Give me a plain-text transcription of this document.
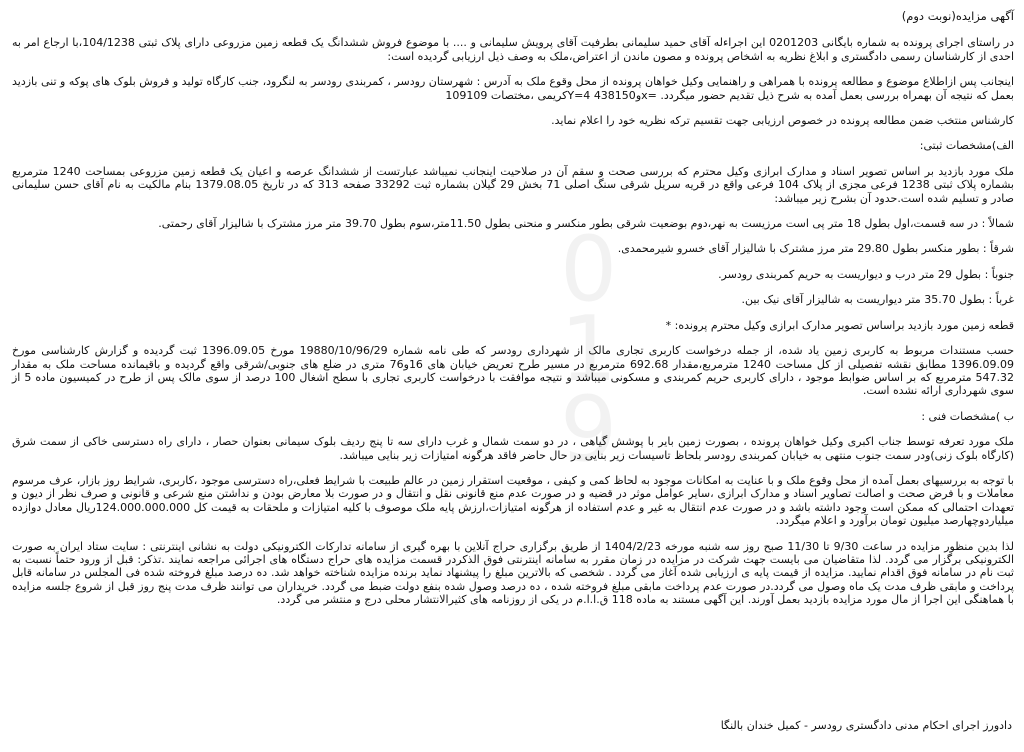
0
1
9

آگهی مزایده(نوبت دوم)

در راستای اجرای پرونده به شماره بایگانی 0201203 این اجراءله آقای حمید سلیمانی بطرفیت آقای پرویش سلیمانی و .... با موضوع فروش ششدانگ یک قطعه زمین مزروعی دارای پلاک ثبتی 104/1238،با ارجاع امر به احدی از کارشناسان رسمی دادگستری و ابلاغ نظریه به اشخاص پرونده و مصون ماندن از اعتراض،ملک به وصف ذیل ارزیابی گردیده است:

اینجانب پس ازاطلاع موضوع و مطالعه پرونده با همراهی و راهنمایی وکیل خواهان پرونده از محل وقوع ملک به آدرس : شهرستان رودسر ، کمربندی رودسر به لنگرود، جنب کارگاه تولید و فروش بلوک های پوکه و تنی بازدید بعمل که نتیجه آن بهمراه بررسی بعمل آمده به شرح ذیل تقدیم حضور میگردد. =x‌و438150 Y=4کریمی ،مختصات 109109

کارشناس منتخب ضمن مطالعه پرونده در خصوص ارزیابی جهت تقسیم ترکه نظریه خود را اعلام نماید.

الف)مشخصات ثبتی:

ملک مورد بازدید بر اساس تصویر اسناد و مدارک ابرازی وکیل محترم که بررسی صحت و سقم آن در صلاحیت اینجانب نمیباشد عبارتست از ششدانگ عرصه و اعیان یک قطعه زمین مزروعی بمساحت 1240 مترمربع بشماره پلاک ثبتی 1238 فرعی مجزی از پلاک 104 فرعی واقع در قریه سریل شرقی سنگ اصلی 71 بخش 29 گیلان بشماره ثبت 33292 صفحه 313 که در تاریخ 1379.08.05 بنام مالکیت به نام آقای حسن سلیمانی صادر و تسلیم شده است.حدود آن بشرح زیر میباشد:

شمالاً : در سه قسمت،اول بطول 18 متر پی است مرزیست به نهر،دوم بوضعیت شرقی بطور منکسر و منحنی بطول 11.50متر،سوم بطول 39.70 متر مرز مشترک با شالیزار آقای رحمتی.

شرقاً : بطور منکسر بطول 29.80 متر مرز مشترک با شالیزار آقای خسرو شیرمحمدی.

جنوباً : بطول 29 متر درب و دیواریست به حریم کمربندی رودسر.

غرباً : بطول 35.70 متر دیواریست به شالیزار آقای نیک بین.

قطعه زمین مورد بازدید براساس تصویر مدارک ابرازی وکیل محترم پرونده: *

حسب مستندات مربوط به کاربری زمین یاد شده، از جمله درخواست کاربری تجاری مالک از شهرداری رودسر که طی نامه شماره 19880/10/96/29 مورخ 1396.09.05 ثبت گردیده و گزارش کارشناسی مورخ 1396.09.09 مطابق نقشه تفصیلی از کل مساحت 1240 مترمربع،مقدار 692.68 مترمربع در مسیر طرح تعریض خیابان های 16و76 متری در ضلع های جنوبی/شرقی واقع گردیده و باقیمانده مساحت ملک به مقدار 547.32 مترمربع که بر اساس ضوابط موجود ، دارای کاربری حریم کمربندی و مسکونی میباشد و نتیجه موافقت با درخواست کاربری تجاری با سطح اشغال 100 درصد از سوی مالک پس از طرح در کمیسیون ماده 5 از سوی شهرداری ارائه نشده است.

ب )مشخصات فنی :

ملک مورد تعرفه توسط جناب اکبری وکیل خواهان پرونده ، بصورت زمین بایر با پوشش گیاهی ، در دو سمت شمال و غرب دارای سه تا پنج ردیف بلوک سیمانی بعنوان حصار ، دارای راه دسترسی خاکی از سمت شرق (کارگاه بلوک زنی)ودر سمت جنوب منتهی به خیابان کمربندی رودسر بلحاظ تاسیسات زیر بنایی در حال حاضر فاقد هرگونه امتیازات زیر بنایی میباشد.

با توجه به بررسیهای بعمل آمده از محل وقوع ملک و با عنایت به امکانات موجود به لحاظ کمی و کیفی ، موقعیت استقرار زمین در عالم طبیعت با شرایط فعلی،راه دسترسی موجود ،کاربری، شرایط روز بازار، عرف مرسوم معاملات و با فرض صحت و اصالت تصاویر اسناد و مدارک ابرازی ،سایر عوامل موثر در قضیه و در صورت عدم منع قانونی نقل و انتقال و در صورت بلا معارض بودن و نداشتن منع شرعی و قانونی و صرف نظر از دیون و تعهدات احتمالی که ممکن است وجود داشته باشد و در صورت عدم انتقال به غیر و عدم استفاده از هرگونه امتیازات،ارزش پایه ملک موصوف با کلیه امتیازات و ملحقات به قیمت کل 124.000.000.000ریال معادل دوازده میلیاردوچهارصد میلیون تومان برآورد و اعلام میگردد.

لذا بدین منظور مزایده در ساعت 9/30 تا 11/30 صبح روز سه شنبه مورخه 1404/2/23 از طریق برگزاری حراج آنلاین با بهره گیری از سامانه تدارکات الکترونیکی دولت به نشانی اینترنتی : سایت ستاد ایران به صورت الکترونیکی برگزار می گردد. لذا متقاضیان می بایست جهت شرکت در مزایده در زمان مقرر به سامانه اینترنتی فوق الذکردر قسمت مزایده های حراج دستگاه های اجرائی مراجعه نمایند .تذکر: قبل از ورود حتماً نسبت به ثبت نام در سامانه فوق اقدام نمایید. مزایده از قیمت پایه ی ارزیابی شده آغاز می گردد . شخصی که بالاترین مبلغ را پیشنهاد نماید برنده مزایده شناخته خواهد شد. ده درصد مبلغ فروخته شده فی المجلس در سامانه قابل پرداخت و مابقی ظرف مدت یک ماه وصول می گردد.در صورت عدم پرداخت مابقی مبلغ فروخته شده ، ده درصد وصول شده بنفع دولت ضبط می گردد. خریداران می توانند ظرف مدت پنج روز قبل از شروع جلسه مزایده با هماهنگی این اجرا از مال مورد مزایده بازدید بعمل آورند. این آگهی مستند به ماده 118 ق.ا.ا.م در یکی از روزنامه های کثیرالانتشار محلی درج و منتشر می گردد.

دادورز اجرای احکام مدنی دادگستری رودسر - کمیل خندان بالنگا
